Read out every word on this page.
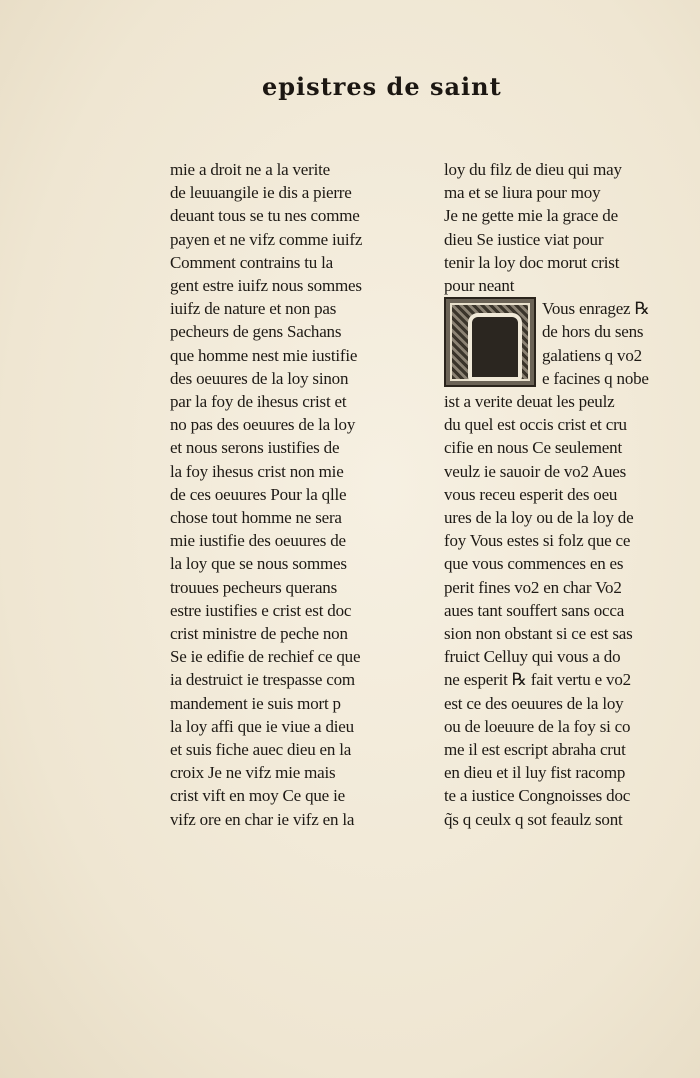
epistres de saint
mie a droit ne a la verite
de leuuangile ie dis a pierre
deuant tous se tu nes comme
payen et ne vifz comme iuifz
Comment contrains tu la
gent estre iuifz nous sommes
iuifz de nature et non pas
pecheurs de gens Sachans
que homme nest mie iustifie
des oeuures de la loy sinon
par la foy de ihesus crist et
no pas des oeuures de la loy
et nous serons iustifies de
la foy ihesus crist non mie
de ces oeuures Pour la qlle
chose tout homme ne sera
mie iustifie des oeuures de
la loy que se nous sommes
trouues pecheurs querans
estre iustifies e crist est doc
crist ministre de peche non
Se ie edifie de rechief ce que
ia destruict ie trespasse com
mandement ie suis mort p
la loy affi que ie viue a dieu
et suis fiche auec dieu en la
croix Je ne vifz mie mais
crist vift en moy Ce que ie
vifz ore en char ie vifz en la
loy du filz de dieu qui may
ma et se liura pour moy
Je ne gette mie la grace de
dieu Se iustice viat pour
tenir la loy doc morut crist
pour neant
Vous enragez ℞
de hors du sens
galatiens q vo2
e facines q nobe
ist a verite deuat les peulz
du quel est occis crist et cru
cifie en nous Ce seulement
veulz ie sauoir de vo2 Aues
vous receu esperit des oeu
ures de la loy ou de la loy de
foy Vous estes si folz que ce
que vous commences en es
perit fines vo2 en char Vo2
aues tant souffert sans occa
sion non obstant si ce est sas
fruict Celluy qui vous a do
ne esperit ℞ fait vertu e vo2
est ce des oeuures de la loy
ou de loeuure de la foy si co
me il est escript abraha crut
en dieu et il luy fist racomp
te a iustice Congnoisses doc
q̃s q ceulx q sot feaulz sont
